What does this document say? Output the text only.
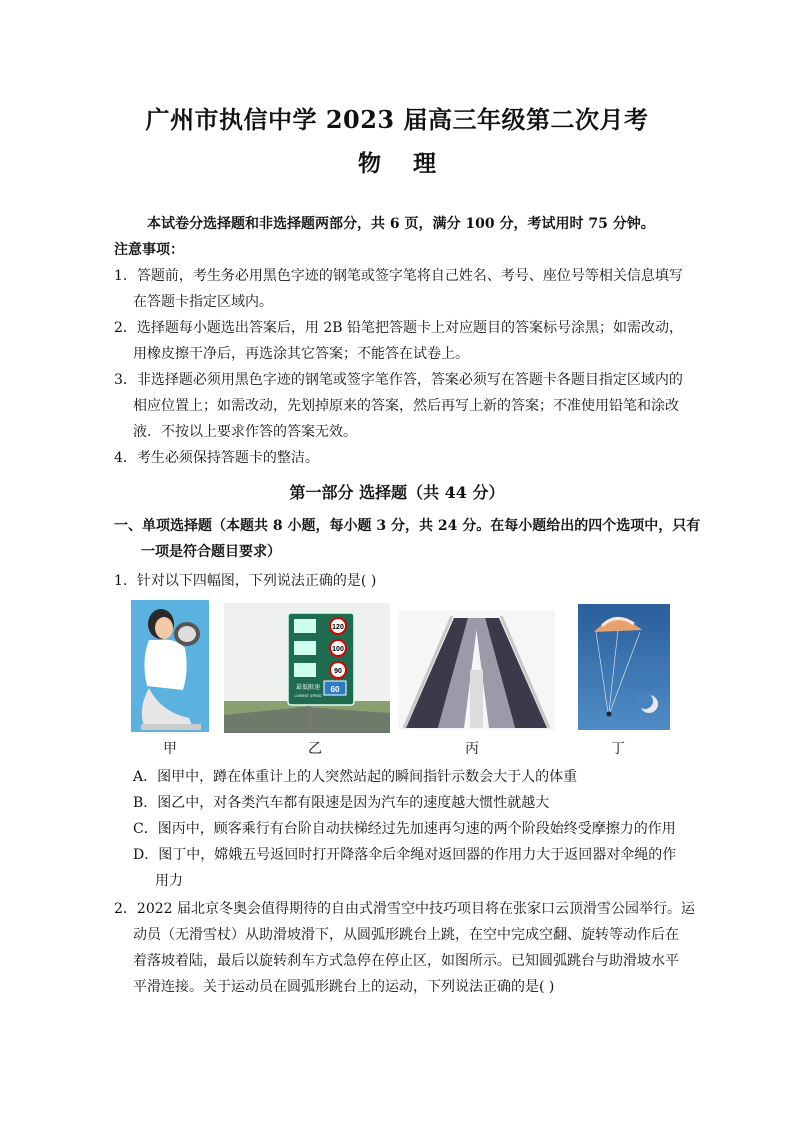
广州市执信中学 2023 届高三年级第二次月考
物    理
本试卷分选择题和非选择题两部分，共 6 页，满分 100 分，考试用时 75 分钟。
注意事项：
1．答题前，考生务必用黑色字迹的钢笔或签字笔将自己姓名、考号、座位号等相关信息填写
在答题卡指定区域内。
2．选择题每小题选出答案后，用 2B 铅笔把答题卡上对应题目的答案标号涂黑；如需改动，
用橡皮擦干净后，再选涂其它答案；不能答在试卷上。
3．非选择题必须用黑色字迹的钢笔或签字笔作答，答案必须写在答题卡各题目指定区域内的
相应位置上；如需改动，先划掉原来的答案，然后再写上新的答案；不准使用铅笔和涂改
液．不按以上要求作答的答案无效。
4．考生必须保持答题卡的整洁。
第一部分 选择题（共 44 分）
一、单项选择题（本题共 8 小题，每小题 3 分，共 24 分。在每小题给出的四个选项中，只有
一项是符合题目要求）
1．针对以下四幅图，下列说法正确的是( )
甲
120
100
90
60
最低限速
LOWEST SPEED
乙	丙	丁
A．图甲中，蹲在体重计上的人突然站起的瞬间指针示数会大于人的体重
B．图乙中，对各类汽车都有限速是因为汽车的速度越大惯性就越大
C．图丙中，顾客乘行有台阶自动扶梯经过先加速再匀速的两个阶段始终受摩擦力的作用
D．图丁中，嫦娥五号返回时打开降落伞后伞绳对返回器的作用力大于返回器对伞绳的作
用力
2．2022 届北京冬奥会值得期待的自由式滑雪空中技巧项目将在张家口云顶滑雪公园举行。运
动员（无滑雪杖）从助滑坡滑下，从圆弧形跳台上跳，在空中完成空翻、旋转等动作后在
着落坡着陆，最后以旋转刹车方式急停在停止区，如图所示。已知圆弧跳台与助滑坡水平
平滑连接。关于运动员在圆弧形跳台上的运动，下列说法正确的是( )
